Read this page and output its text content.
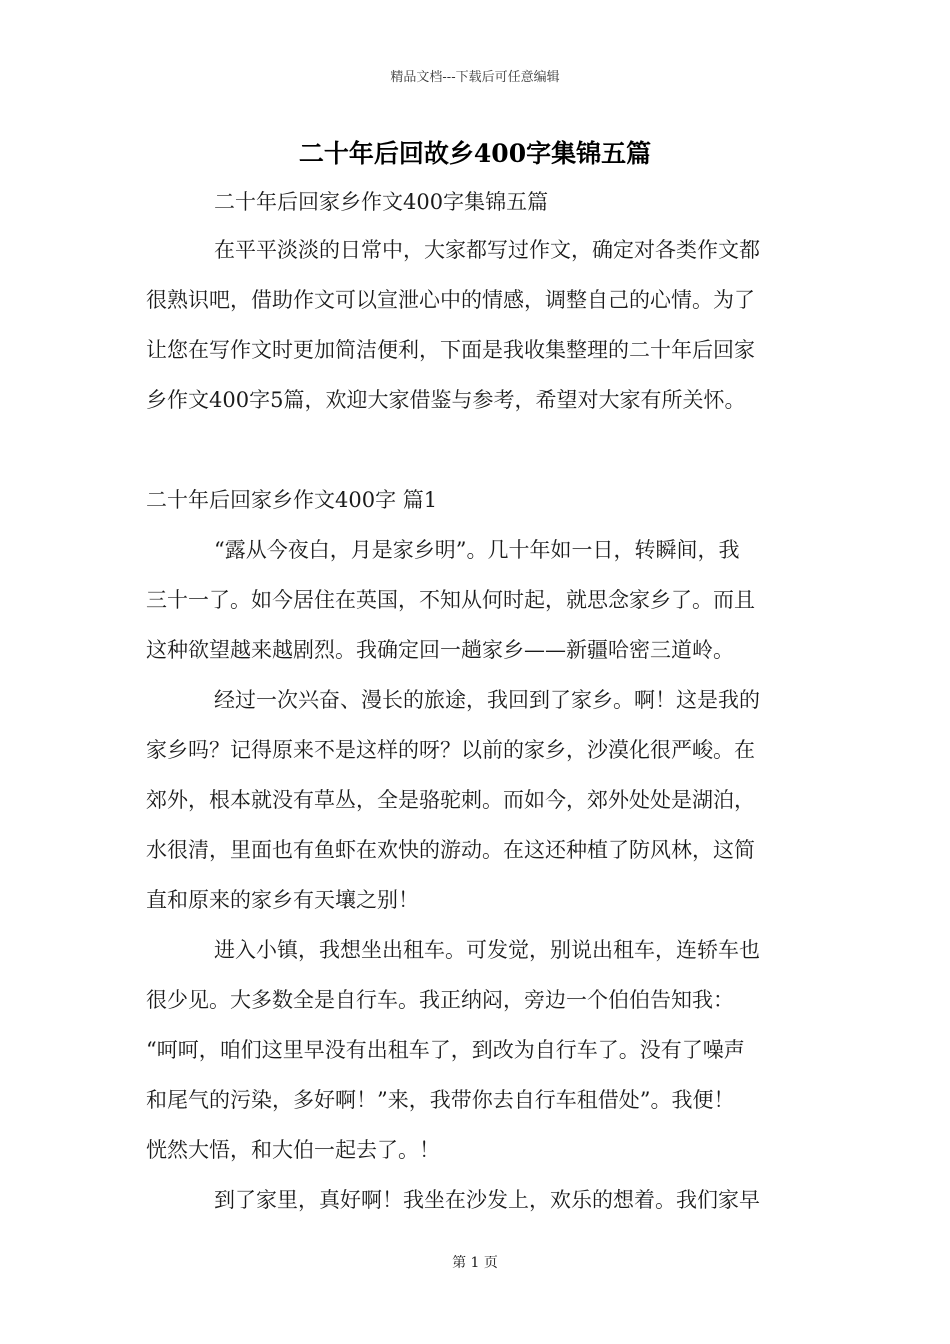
精品文档---下载后可任意编辑
二十年后回故乡400字集锦五篇
二十年后回家乡作文400字集锦五篇

在平平淡淡的日常中，大家都写过作文，确定对各类作文都

很熟识吧，借助作文可以宣泄心中的情感，调整自己的心情。为了

让您在写作文时更加简洁便利，下面是我收集整理的二十年后回家

乡作文400字5篇，欢迎大家借鉴与参考，希望对大家有所关怀。

二十年后回家乡作文400字 篇1

“露从今夜白，月是家乡明”。几十年如一日，转瞬间，我

三十一了。如今居住在英国，不知从何时起，就思念家乡了。而且

这种欲望越来越剧烈。我确定回一趟家乡——新疆哈密三道岭。

经过一次兴奋、漫长的旅途，我回到了家乡。啊！这是我的

家乡吗？记得原来不是这样的呀？以前的家乡，沙漠化很严峻。在

郊外，根本就没有草丛，全是骆驼刺。而如今，郊外处处是湖泊，

水很清，里面也有鱼虾在欢快的游动。在这还种植了防风林，这简

直和原来的家乡有天壤之别！

进入小镇，我想坐出租车。可发觉，别说出租车，连轿车也

很少见。大多数全是自行车。我正纳闷，旁边一个伯伯告知我：

“呵呵，咱们这里早没有出租车了，到改为自行车了。没有了噪声

和尾气的污染，多好啊！”来，我带你去自行车租借处”。我便！

恍然大悟，和大伯一起去了。！

到了家里，真好啊！我坐在沙发上，欢乐的想着。我们家早

第 1 页
